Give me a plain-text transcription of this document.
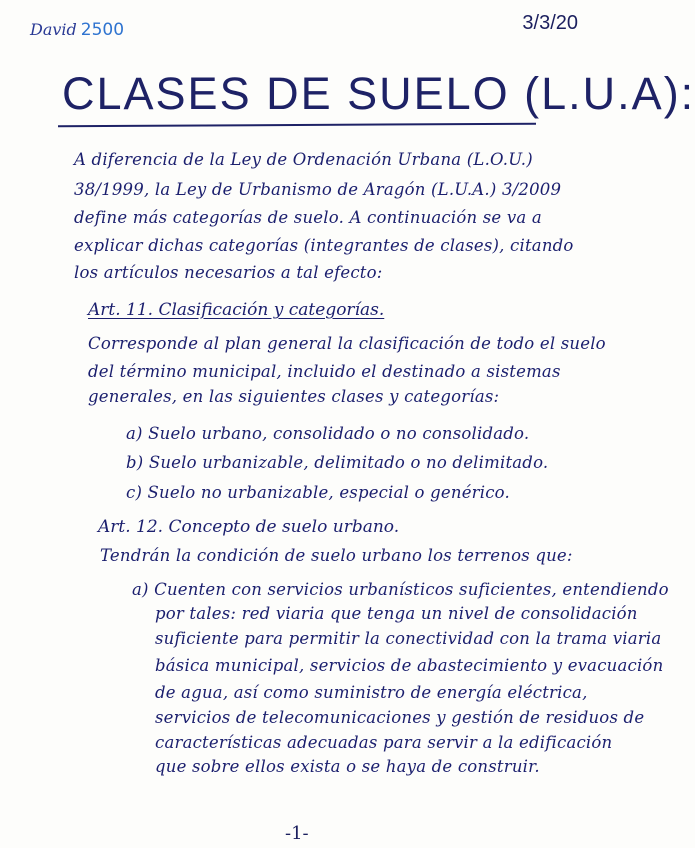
David 2500	3/3/20
CLASES DE SUELO (L.U.A):
A diferencia de la Ley de Ordenación Urbana (L.O.U.)
38/1999, la Ley de Urbanismo de Aragón (L.U.A.) 3/2009
define más categorías de suelo. A continuación se va a
explicar dichas categorías (integrantes de clases), citando
los artículos necesarios a tal efecto:
Art. 11. Clasificación y categorías.
Corresponde al plan general la clasificación de todo el suelo
del término municipal, incluido el destinado a sistemas
generales, en las siguientes clases y categorías:
a) Suelo urbano, consolidado o no consolidado.
b) Suelo urbanizable, delimitado o no delimitado.
c) Suelo no urbanizable, especial o genérico.
Art. 12. Concepto de suelo urbano.
Tendrán la condición de suelo urbano los terrenos que:
a) Cuenten con servicios urbanísticos suficientes, entendiendo
por tales: red viaria que tenga un nivel de consolidación
suficiente para permitir la conectividad con la trama viaria
básica municipal, servicios de abastecimiento y evacuación
de agua, así como suministro de energía eléctrica,
servicios de telecomunicaciones y gestión de residuos de
características adecuadas para servir a la edificación
que sobre ellos exista o se haya de construir.
-1-
